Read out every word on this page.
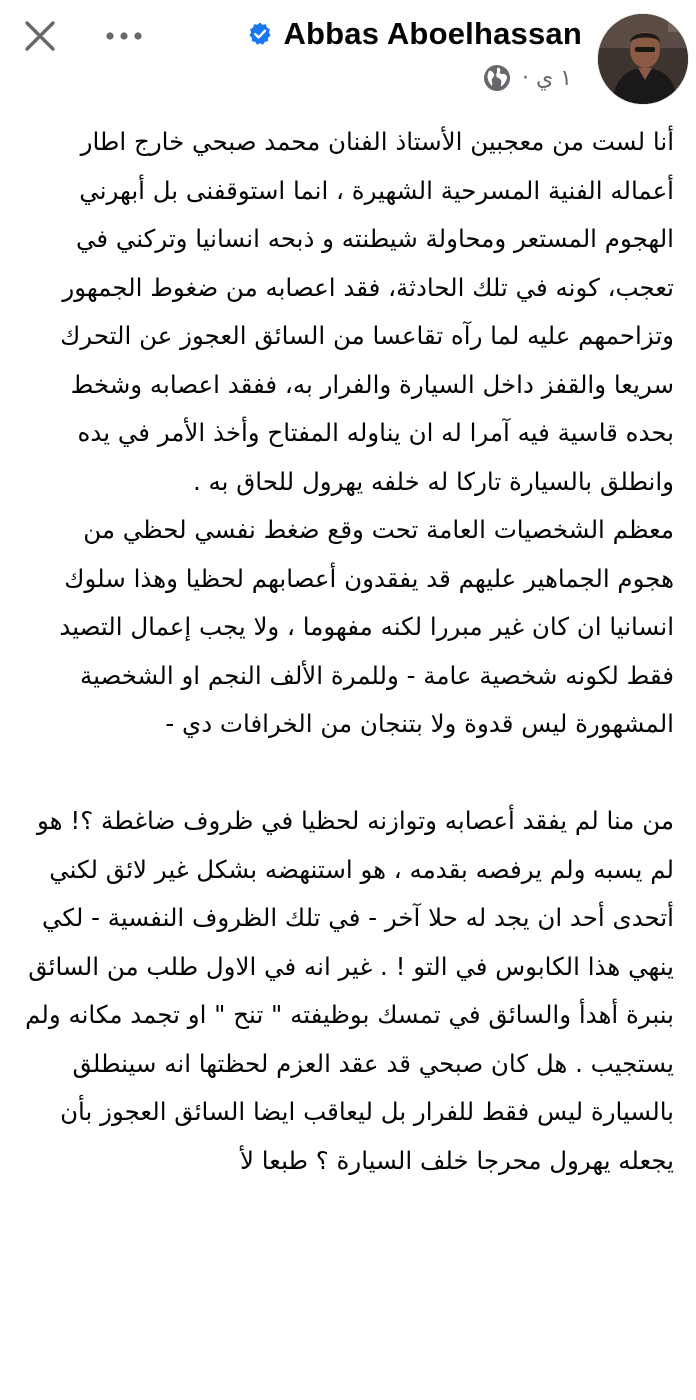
Abbas Aboelhassan
١ ي ·

أنا لست من معجبين الأستاذ الفنان محمد صبحي خارج اطار أعماله الفنية المسرحية الشهيرة ، انما استوقفنى بل أبهرني الهجوم المستعر ومحاولة شيطنته و ذبحه انسانيا وتركني في تعجب، كونه في تلك الحادثة، فقد اعصابه من ضغوط الجمهور وتزاحمهم عليه لما رآه تقاعسا من السائق العجوز عن التحرك سريعا والقفز داخل السيارة والفرار به، ففقد اعصابه وشخط بحده قاسية فيه آمرا له ان يناوله المفتاح وأخذ الأمر في يده وانطلق بالسيارة تاركا له خلفه يهرول للحاق به .

معظم الشخصيات العامة تحت وقع ضغط نفسي لحظي من هجوم الجماهير عليهم قد يفقدون أعصابهم لحظيا وهذا سلوك انسانيا ان كان غير مبررا لكنه مفهوما ، ولا يجب إعمال التصيد فقط لكونه شخصية عامة - وللمرة الألف النجم او الشخصية المشهورة ليس قدوة ولا بتنجان من الخرافات دي -

من منا لم يفقد أعصابه وتوازنه لحظيا في ظروف ضاغطة ؟! هو لم يسبه ولم يرفصه بقدمه ، هو استنهضه بشكل غير لائق لكني أتحدى أحد ان يجد له حلا آخر - في تلك الظروف النفسية - لكي ينهي هذا الكابوس في التو ! . غير انه في الاول طلب من السائق بنبرة أهدأ والسائق في تمسك بوظيفته " تنح " او تجمد مكانه ولم يستجيب . هل كان صبحي قد عقد العزم لحظتها انه سينطلق بالسيارة ليس فقط للفرار بل ليعاقب ايضا السائق العجوز بأن يجعله يهرول محرجا خلف السيارة ؟ طبعا لأ
